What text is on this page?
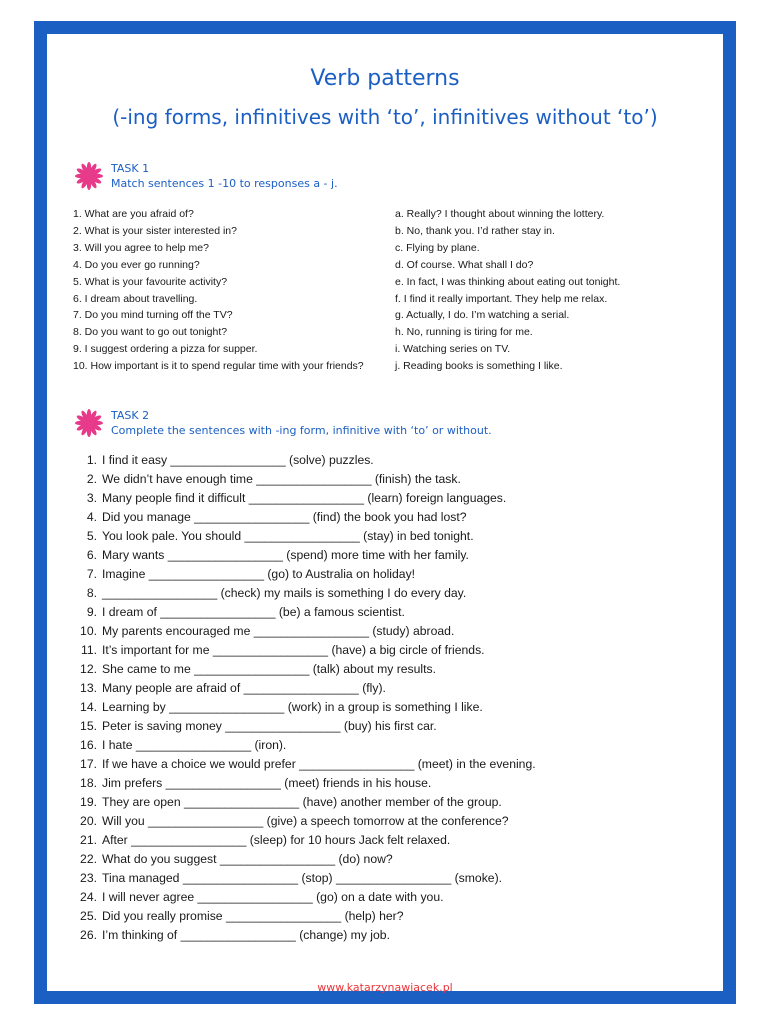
Verb patterns
(-ing forms, infinitives with ‘to’, infinitives without ‘to’)
TASK 1
Match sentences 1 -10 to responses a - j.
1. What are you afraid of?
2. What is your sister interested in?
3. Will you agree to help me?
4. Do you ever go running?
5. What is your favourite activity?
6. I dream about travelling.
7. Do you mind turning off the TV?
8. Do you want to go out tonight?
9. I suggest ordering a pizza for supper.
10. How important is it to spend regular time with your friends?
a. Really? I thought about winning the lottery.
b. No, thank you. I’d rather stay in.
c. Flying by plane.
d. Of course. What shall I do?
e. In fact, I was thinking about eating out tonight.
f. I find it really important. They help me relax.
g. Actually, I do. I’m watching a serial.
h. No, running is tiring for me.
i. Watching series on TV.
j. Reading books is something I like.
TASK 2
Complete the sentences with -ing form, infinitive with ‘to’ or without.
1. I find it easy _________________ (solve) puzzles.
2. We didn’t have enough time _________________ (finish) the task.
3. Many people find it difficult _________________ (learn) foreign languages.
4. Did you manage _________________ (find) the book you had lost?
5. You look pale. You should _________________ (stay) in bed tonight.
6. Mary wants _________________ (spend) more time with her family.
7. Imagine _________________ (go) to Australia on holiday!
8. _________________ (check) my mails is something I do every day.
9. I dream of _________________ (be) a famous scientist.
10. My parents encouraged me _________________ (study) abroad.
11. It’s important for me _________________ (have) a big circle of friends.
12. She came to me _________________ (talk) about my results.
13. Many people are afraid of _________________ (fly).
14. Learning by _________________ (work) in a group is something I like.
15. Peter is saving money _________________ (buy) his first car.
16. I hate _________________ (iron).
17. If we have a choice we would prefer _________________ (meet) in the evening.
18. Jim prefers _________________ (meet) friends in his house.
19. They are open _________________ (have) another member of the group.
20. Will you _________________ (give) a speech tomorrow at the conference?
21. After _________________ (sleep) for 10 hours Jack felt relaxed.
22. What do you suggest _________________ (do) now?
23. Tina managed _________________ (stop) _________________ (smoke).
24. I will never agree _________________ (go) on a date with you.
25. Did you really promise _________________ (help) her?
26. I’m thinking of _________________ (change) my job.
www.katarzynawiacek.pl
